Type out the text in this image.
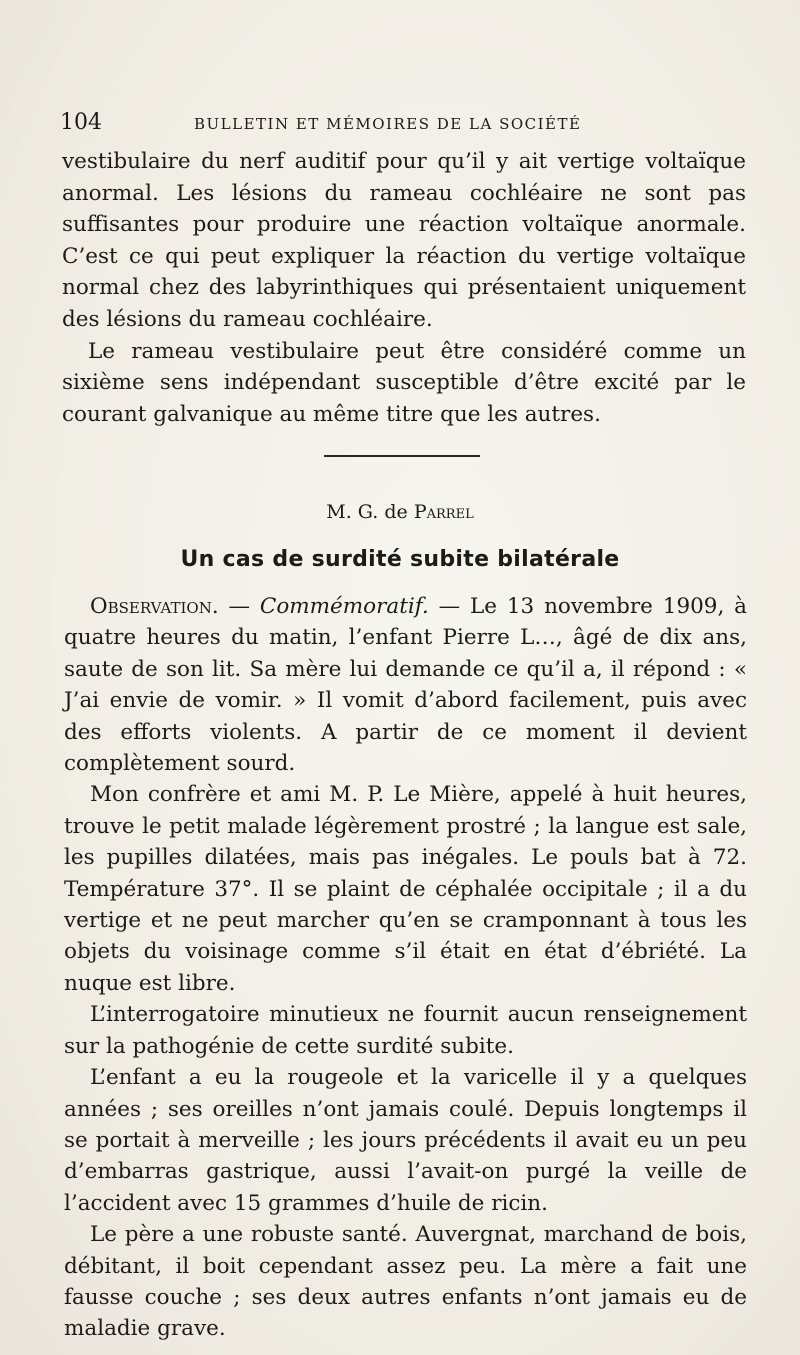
104	BULLETIN ET MÉMOIRES DE LA SOCIÉTÉ

vestibulaire du nerf auditif pour qu’il y ait vertige voltaïque anormal. Les lésions du rameau cochléaire ne sont pas suffisantes pour produire une réaction voltaïque anormale. C’est ce qui peut expliquer la réaction du vertige voltaïque normal chez des labyrinthiques qui présentaient uniquement des lésions du rameau cochléaire.

Le rameau vestibulaire peut être considéré comme un sixième sens indépendant susceptible d’être excité par le courant galvanique au même titre que les autres.

M. G. de Parrel
Un cas de surdité subite bilatérale

Observation. — Commémoratif. — Le 13 novembre 1909, à quatre heures du matin, l’enfant Pierre L…, âgé de dix ans, saute de son lit. Sa mère lui demande ce qu’il a, il répond : « J’ai envie de vomir. » Il vomit d’abord facilement, puis avec des efforts violents. A partir de ce moment il devient complètement sourd.

Mon confrère et ami M. P. Le Mière, appelé à huit heures, trouve le petit malade légèrement prostré ; la langue est sale, les pupilles dilatées, mais pas inégales. Le pouls bat à 72. Température 37°. Il se plaint de céphalée occipitale ; il a du vertige et ne peut marcher qu’en se cramponnant à tous les objets du voisinage comme s’il était en état d’ébriété. La nuque est libre.

L’interrogatoire minutieux ne fournit aucun renseignement sur la pathogénie de cette surdité subite.

L’enfant a eu la rougeole et la varicelle il y a quelques années ; ses oreilles n’ont jamais coulé. Depuis longtemps il se portait à merveille ; les jours précédents il avait eu un peu d’embarras gastrique, aussi l’avait-on purgé la veille de l’accident avec 15 grammes d’huile de ricin.

Le père a une robuste santé. Auvergnat, marchand de bois, débitant, il boit cependant assez peu. La mère a fait une fausse couche ; ses deux autres enfants n’ont jamais eu de maladie grave.
